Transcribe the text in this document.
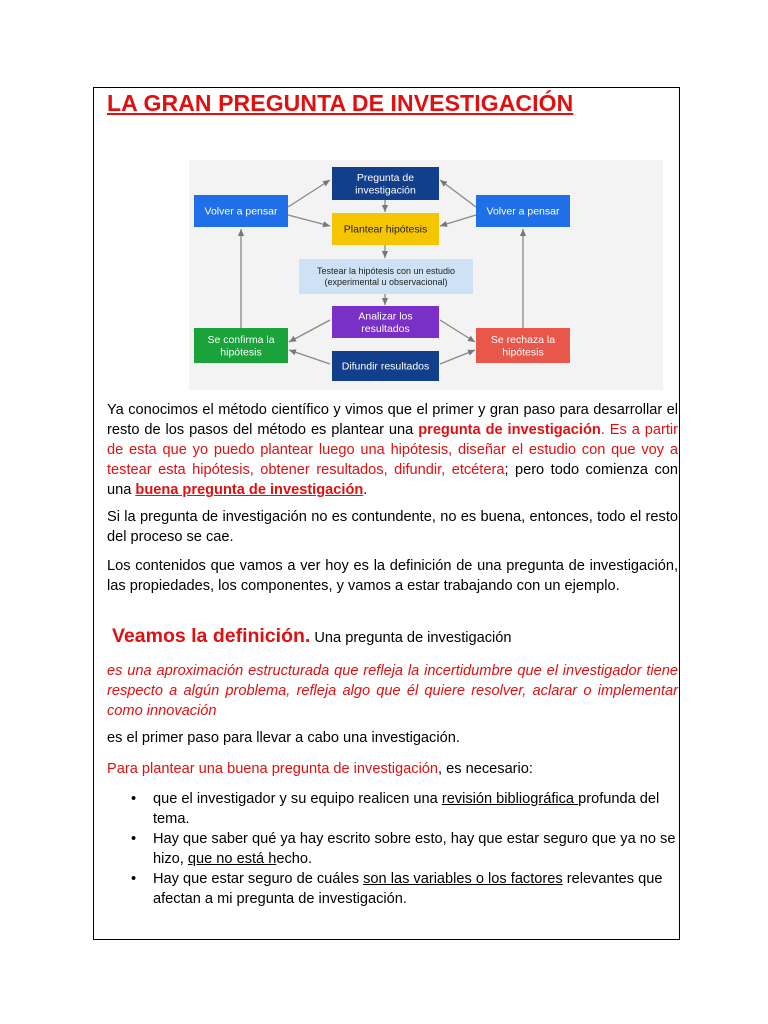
LA GRAN PREGUNTA DE INVESTIGACIÓN
Pregunta de
investigación
Plantear hipótesis
Testear la hipótesis con un estudio
(experimental u observacional)
Analizar los
resultados
Difundir resultados
Volver a pensar	Volver a pensar
Se confirma la
hipótesis
Se rechaza la
hipótesis
Ya conocimos el método científico y vimos que el primer y gran paso para desarrollar el resto de los pasos del método es plantear una pregunta de investigación. Es a partir de esta que yo puedo plantear luego una hipótesis, diseñar el estudio con que voy a testear esta hipótesis, obtener resultados, difundir, etcétera; pero todo comienza con una buena pregunta de investigación.
Si la pregunta de investigación no es contundente, no es buena, entonces, todo el resto del proceso se cae.
Los contenidos que vamos a ver hoy es la definición de una pregunta de investigación, las propiedades, los componentes, y vamos a estar trabajando con un ejemplo.
Veamos la definición. Una pregunta de investigación
es una aproximación estructurada que refleja la incertidumbre que el investigador tiene respecto a algún problema, refleja algo que él quiere resolver, aclarar o implementar como innovación
es el primer paso para llevar a cabo una investigación.
Para plantear una buena pregunta de investigación, es necesario:
• que el investigador y su equipo realicen una revisión bibliográfica profunda del tema.
• Hay que saber qué ya hay escrito sobre esto, hay que estar seguro que ya no se hizo, que no está hecho.
• Hay que estar seguro de cuáles son las variables o los factores relevantes que afectan a mi pregunta de investigación.
